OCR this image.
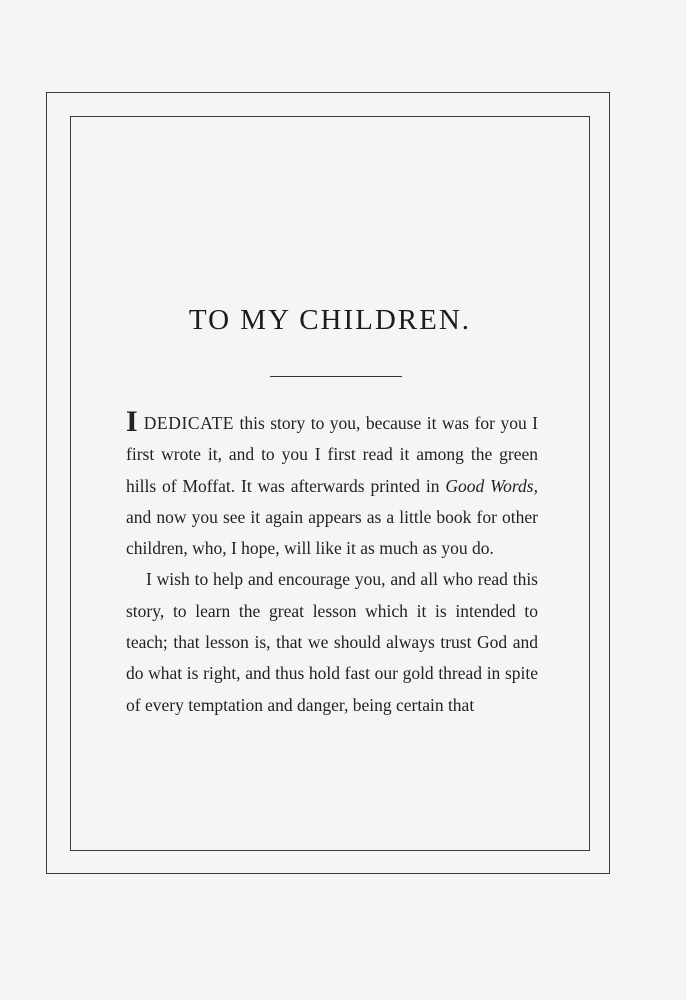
TO MY CHILDREN.

IDEDICATE this story to you, because it was for you I first wrote it, and to you I first read it among the green hills of Moffat. It was afterwards printed in Good Words, and now you see it again appears as a little book for other children, who, I hope, will like it as much as you do.

I wish to help and encourage you, and all who read this story, to learn the great lesson which it is intended to teach; that lesson is, that we should always trust God and do what is right, and thus hold fast our gold thread in spite of every temptation and danger, being certain that
